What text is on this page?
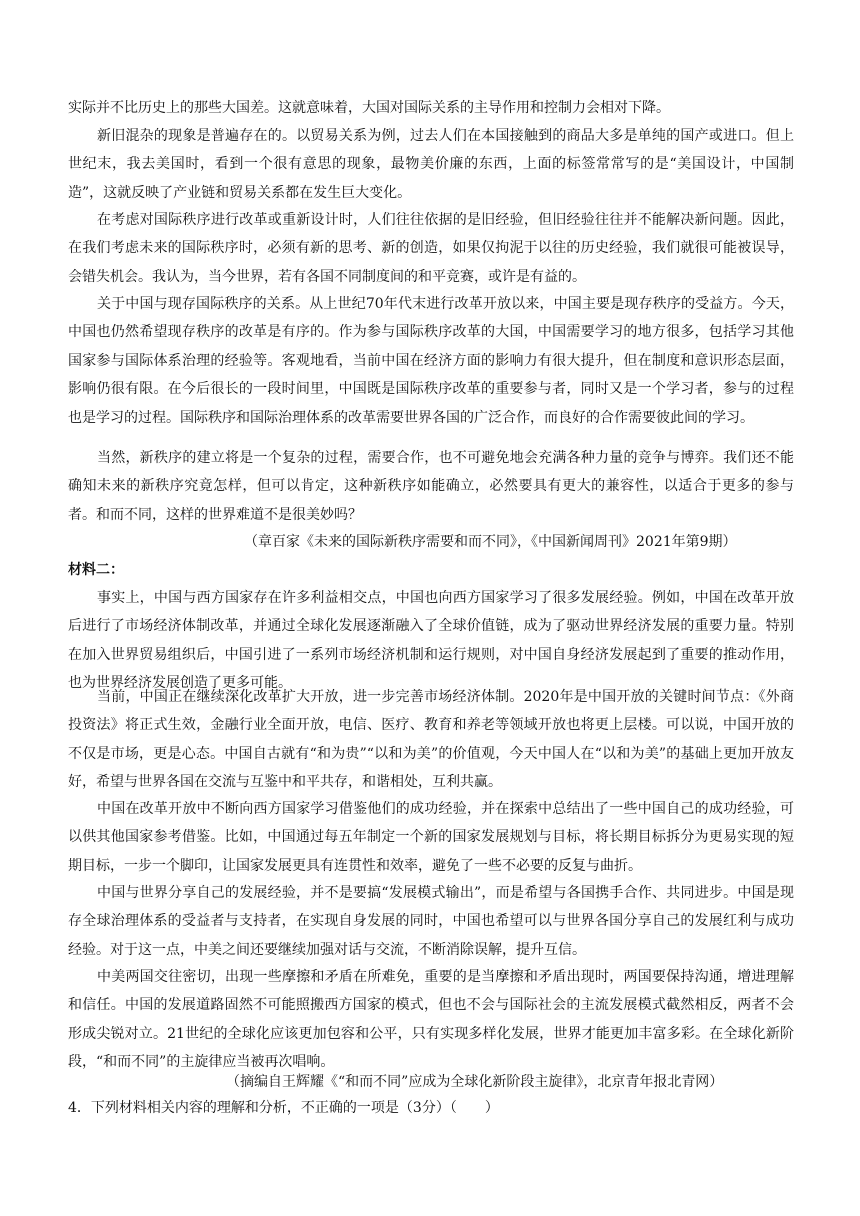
实际并不比历史上的那些大国差。这就意味着，大国对国际关系的主导作用和控制力会相对下降。

新旧混杂的现象是普遍存在的。以贸易关系为例，过去人们在本国接触到的商品大多是单纯的国产或进口。但上世纪末，我去美国时，看到一个很有意思的现象，最物美价廉的东西，上面的标签常常写的是“美国设计，中国制造”，这就反映了产业链和贸易关系都在发生巨大变化。

在考虑对国际秩序进行改革或重新设计时，人们往往依据的是旧经验，但旧经验往往并不能解决新问题。因此，在我们考虑未来的国际秩序时，必须有新的思考、新的创造，如果仅拘泥于以往的历史经验，我们就很可能被误导，会错失机会。我认为，当今世界，若有各国不同制度间的和平竞赛，或许是有益的。

关于中国与现存国际秩序的关系。从上世纪70年代末进行改革开放以来，中国主要是现存秩序的受益方。今天，中国也仍然希望现存秩序的改革是有序的。作为参与国际秩序改革的大国，中国需要学习的地方很多，包括学习其他国家参与国际体系治理的经验等。客观地看，当前中国在经济方面的影响力有很大提升，但在制度和意识形态层面，影响仍很有限。在今后很长的一段时间里，中国既是国际秩序改革的重要参与者，同时又是一个学习者，参与的过程也是学习的过程。国际秩序和国际治理体系的改革需要世界各国的广泛合作，而良好的合作需要彼此间的学习。

当然，新秩序的建立将是一个复杂的过程，需要合作，也不可避免地会充满各种力量的竞争与博弈。我们还不能确知未来的新秩序究竟怎样，但可以肯定，这种新秩序如能确立，必然要具有更大的兼容性，以适合于更多的参与者。和而不同，这样的世界难道不是很美妙吗？

（章百家《未来的国际新秩序需要和而不同》，《中国新闻周刊》2021年第9期）
材料二：

事实上，中国与西方国家存在许多利益相交点，中国也向西方国家学习了很多发展经验。例如，中国在改革开放后进行了市场经济体制改革，并通过全球化发展逐渐融入了全球价值链，成为了驱动世界经济发展的重要力量。特别在加入世界贸易组织后，中国引进了一系列市场经济机制和运行规则，对中国自身经济发展起到了重要的推动作用，也为世界经济发展创造了更多可能。

当前，中国正在继续深化改革扩大开放，进一步完善市场经济体制。2020年是中国开放的关键时间节点：《外商投资法》将正式生效，金融行业全面开放，电信、医疗、教育和养老等领域开放也将更上层楼。可以说，中国开放的不仅是市场，更是心态。中国自古就有“和为贵”“以和为美”的价值观，今天中国人在“以和为美”的基础上更加开放友好，希望与世界各国在交流与互鉴中和平共存，和谐相处，互利共赢。

中国在改革开放中不断向西方国家学习借鉴他们的成功经验，并在探索中总结出了一些中国自己的成功经验，可以供其他国家参考借鉴。比如，中国通过每五年制定一个新的国家发展规划与目标，将长期目标拆分为更易实现的短期目标，一步一个脚印，让国家发展更具有连贯性和效率，避免了一些不必要的反复与曲折。

中国与世界分享自己的发展经验，并不是要搞“发展模式输出”，而是希望与各国携手合作、共同进步。中国是现存全球治理体系的受益者与支持者，在实现自身发展的同时，中国也希望可以与世界各国分享自己的发展红利与成功经验。对于这一点，中美之间还要继续加强对话与交流，不断消除误解，提升互信。

中美两国交往密切，出现一些摩擦和矛盾在所难免，重要的是当摩擦和矛盾出现时，两国要保持沟通，增进理解和信任。中国的发展道路固然不可能照搬西方国家的模式，但也不会与国际社会的主流发展模式截然相反，两者不会形成尖锐对立。21世纪的全球化应该更加包容和公平，只有实现多样化发展，世界才能更加丰富多彩。在全球化新阶段，“和而不同”的主旋律应当被再次唱响。

（摘编自王辉耀《“和而不同”应成为全球化新阶段主旋律》，北京青年报北青网）
4．下列材料相关内容的理解和分析，不正确的一项是（3分）（　　）
